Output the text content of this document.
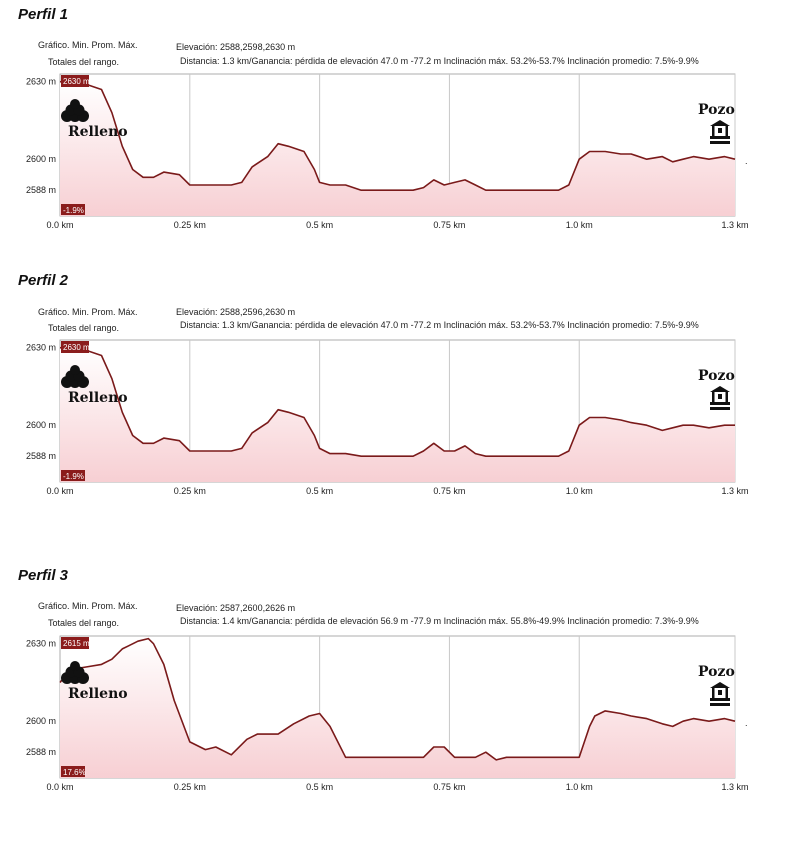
Perfil 1
Gráfico. Min. Prom. Máx.
Totales del rango.
Elevación: 2588,2598,2630 m
Distancia: 1.3 km/Ganancia: pérdida de elevación 47.0 m -77.2 m Inclinación máx. 53.2%-53.7% Inclinación promedio: 7.5%-9.9%
2588 m
2600 m
2630 m
0.0 km	0.25 km	0.5 km	0.75 km	1.0 km	1.3 km
2630 m
-1.9%
Relleno
Pozo
.
Perfil 2
Gráfico. Min. Prom. Máx.
Totales del rango.
Elevación: 2588,2596,2630 m
Distancia: 1.3 km/Ganancia: pérdida de elevación 47.0 m -77.2 m Inclinación máx. 53.2%-53.7% Inclinación promedio: 7.5%-9.9%
2588 m
2600 m
2630 m
0.0 km	0.25 km	0.5 km	0.75 km	1.0 km	1.3 km
2630 m
-1.9%
Relleno
Pozo
Perfil 3
Gráfico. Min. Prom. Máx.
Totales del rango.
Elevación: 2587,2600,2626 m
Distancia: 1.4 km/Ganancia: pérdida de elevación 56.9 m -77.9 m Inclinación máx. 55.8%-49.9% Inclinación promedio: 7.3%-9.9%
2588 m
2600 m
2630 m
0.0 km	0.25 km	0.5 km	0.75 km	1.0 km	1.3 km
2615 m
17.6%
Relleno
Pozo
.
